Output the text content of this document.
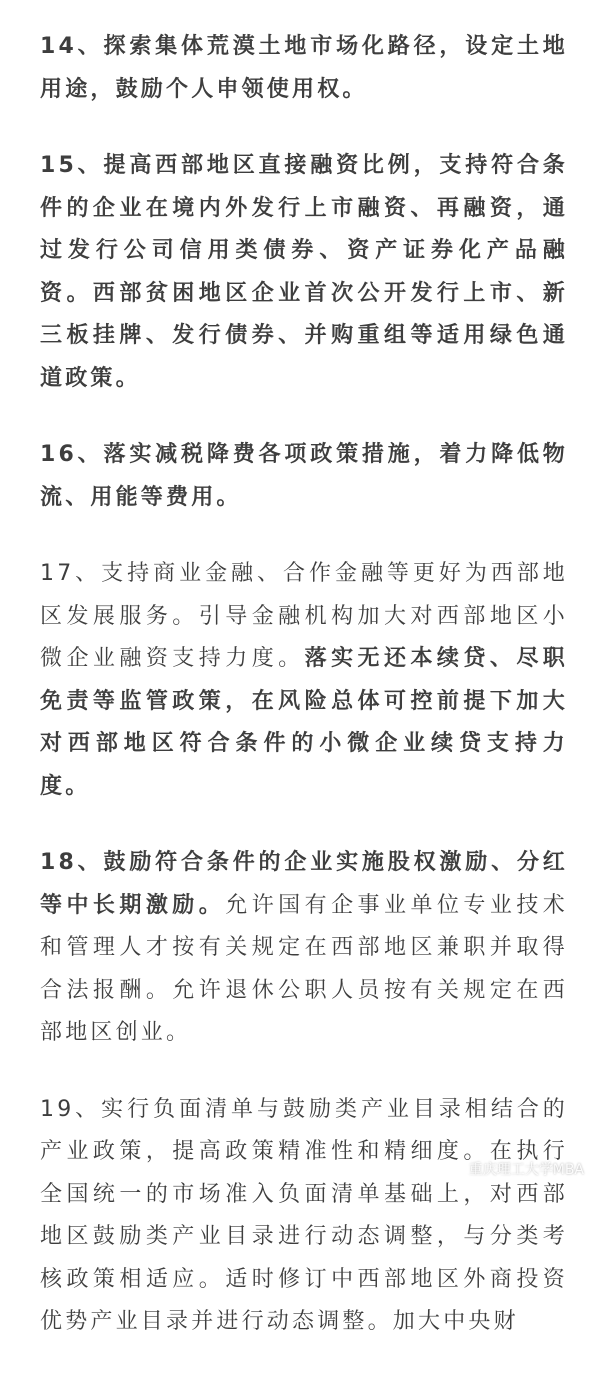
14、探索集体荒漠土地市场化路径，设定土地用途，鼓励个人申领使用权。

15、提高西部地区直接融资比例，支持符合条件的企业在境内外发行上市融资、再融资，通过发行公司信用类债券、资产证券化产品融资。西部贫困地区企业首次公开发行上市、新三板挂牌、发行债券、并购重组等适用绿色通道政策。

16、落实减税降费各项政策措施，着力降低物流、用能等费用。

17、支持商业金融、合作金融等更好为西部地区发展服务。引导金融机构加大对西部地区小微企业融资支持力度。落实无还本续贷、尽职免责等监管政策，在风险总体可控前提下加大对西部地区符合条件的小微企业续贷支持力度。

18、鼓励符合条件的企业实施股权激励、分红等中长期激励。允许国有企事业单位专业技术和管理人才按有关规定在西部地区兼职并取得合法报酬。允许退休公职人员按有关规定在西部地区创业。

19、实行负面清单与鼓励类产业目录相结合的产业政策，提高政策精准性和精细度。在执行全国统一的市场准入负面清单基础上，对西部地区鼓励类产业目录进行动态调整，与分类考核政策相适应。适时修订中西部地区外商投资优势产业目录并进行动态调整。加大中央财

重庆理工大学MBA
